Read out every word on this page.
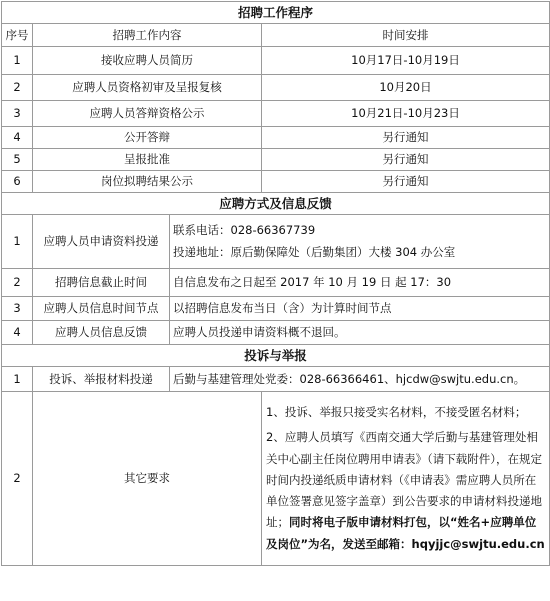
招聘工作程序			
序号	招聘工作内容		时间安排
1	接收应聘人员简历		10月17日-10月19日
2	应聘人员资格初审及呈报复核		10月20日
3	应聘人员答辩资格公示		10月21日-10月23日
4	公开答辩		另行通知
5	呈报批准		另行通知
6	岗位拟聘结果公示		另行通知
应聘方式及信息反馈			
1	应聘人员申请资料投递	联系电话：028-66367739
投递地址：原后勤保障处（后勤集团）大楼 304 办公室	

2	招聘信息截止时间	自信息发布之日起至 2017 年 10 月 19 日 起 17：30	
3	应聘人员信息时间节点	以招聘信息发布当日（含）为计算时间节点	
4	应聘人员信息反馈	应聘人员投递申请资料概不退回。	
投诉与举报			
1	投诉、举报材料投递	后勤与基建管理处党委：028-66366461、hjcdw@swjtu.edu.cn。	
2	其它要求		1、投诉、举报只接受实名材料，不接受匿名材料；

2、应聘人员填写《西南交通大学后勤与基建管理处相关中心副主任岗位聘用申请表》（请下载附件），在规定时间内投递纸质申请材料（《申请表》需应聘人员所在单位签署意见签字盖章）到公告要求的申请材料投递地址；同时将电子版申请材料打包，以“姓名+应聘单位及岗位”为名，发送至邮箱：hqyjjc@swjtu.edu.cn
